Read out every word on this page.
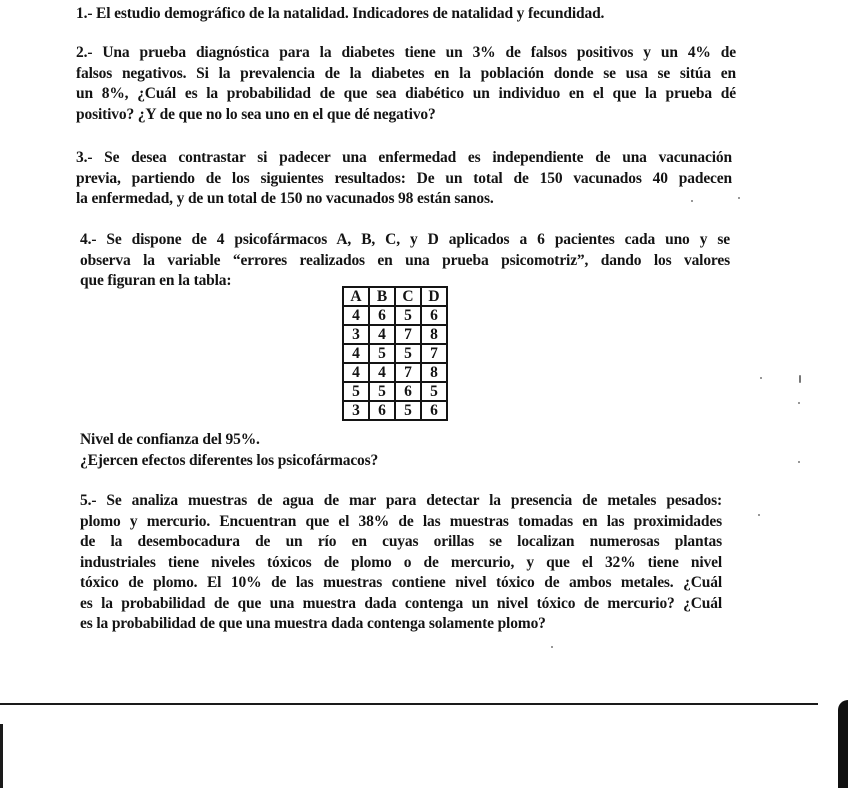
1.- El estudio demográfico de la natalidad. Indicadores de natalidad y fecundidad.
2.- Una prueba diagnóstica para la diabetes tiene un 3% de falsos positivos y un 4% de
falsos negativos. Si la prevalencia de la diabetes en la población donde se usa se sitúa en
un 8%, ¿Cuál es la probabilidad de que sea diabético un individuo en el que la prueba dé
positivo? ¿Y de que no lo sea uno en el que dé negativo?
3.- Se desea contrastar si padecer una enfermedad es independiente de una vacunación
previa, partiendo de los siguientes resultados: De un total de 150 vacunados 40 padecen
la enfermedad, y de un total de 150 no vacunados 98 están sanos.
4.- Se dispone de 4 psicofármacos A, B, C, y D aplicados a 6 pacientes cada uno y se
observa la variable “errores realizados en una prueba psicomotriz”, dando los valores
que figuran en la tabla:
A	B	C	D
4	6	5	6
3	4	7	8
4	5	5	7
4	4	7	8
5	5	6	5
3	6	5	6
Nivel de confianza del 95%.
¿Ejercen efectos diferentes los psicofármacos?
5.- Se analiza muestras de agua de mar para detectar la presencia de metales pesados:
plomo y mercurio. Encuentran que el 38% de las muestras tomadas en las proximidades
de la desembocadura de un río en cuyas orillas se localizan numerosas plantas
industriales tiene niveles tóxicos de plomo o de mercurio, y que el 32% tiene nivel
tóxico de plomo. El 10% de las muestras contiene nivel tóxico de ambos metales. ¿Cuál
es la probabilidad de que una muestra dada contenga un nivel tóxico de mercurio? ¿Cuál
es la probabilidad de que una muestra dada contenga solamente plomo?
